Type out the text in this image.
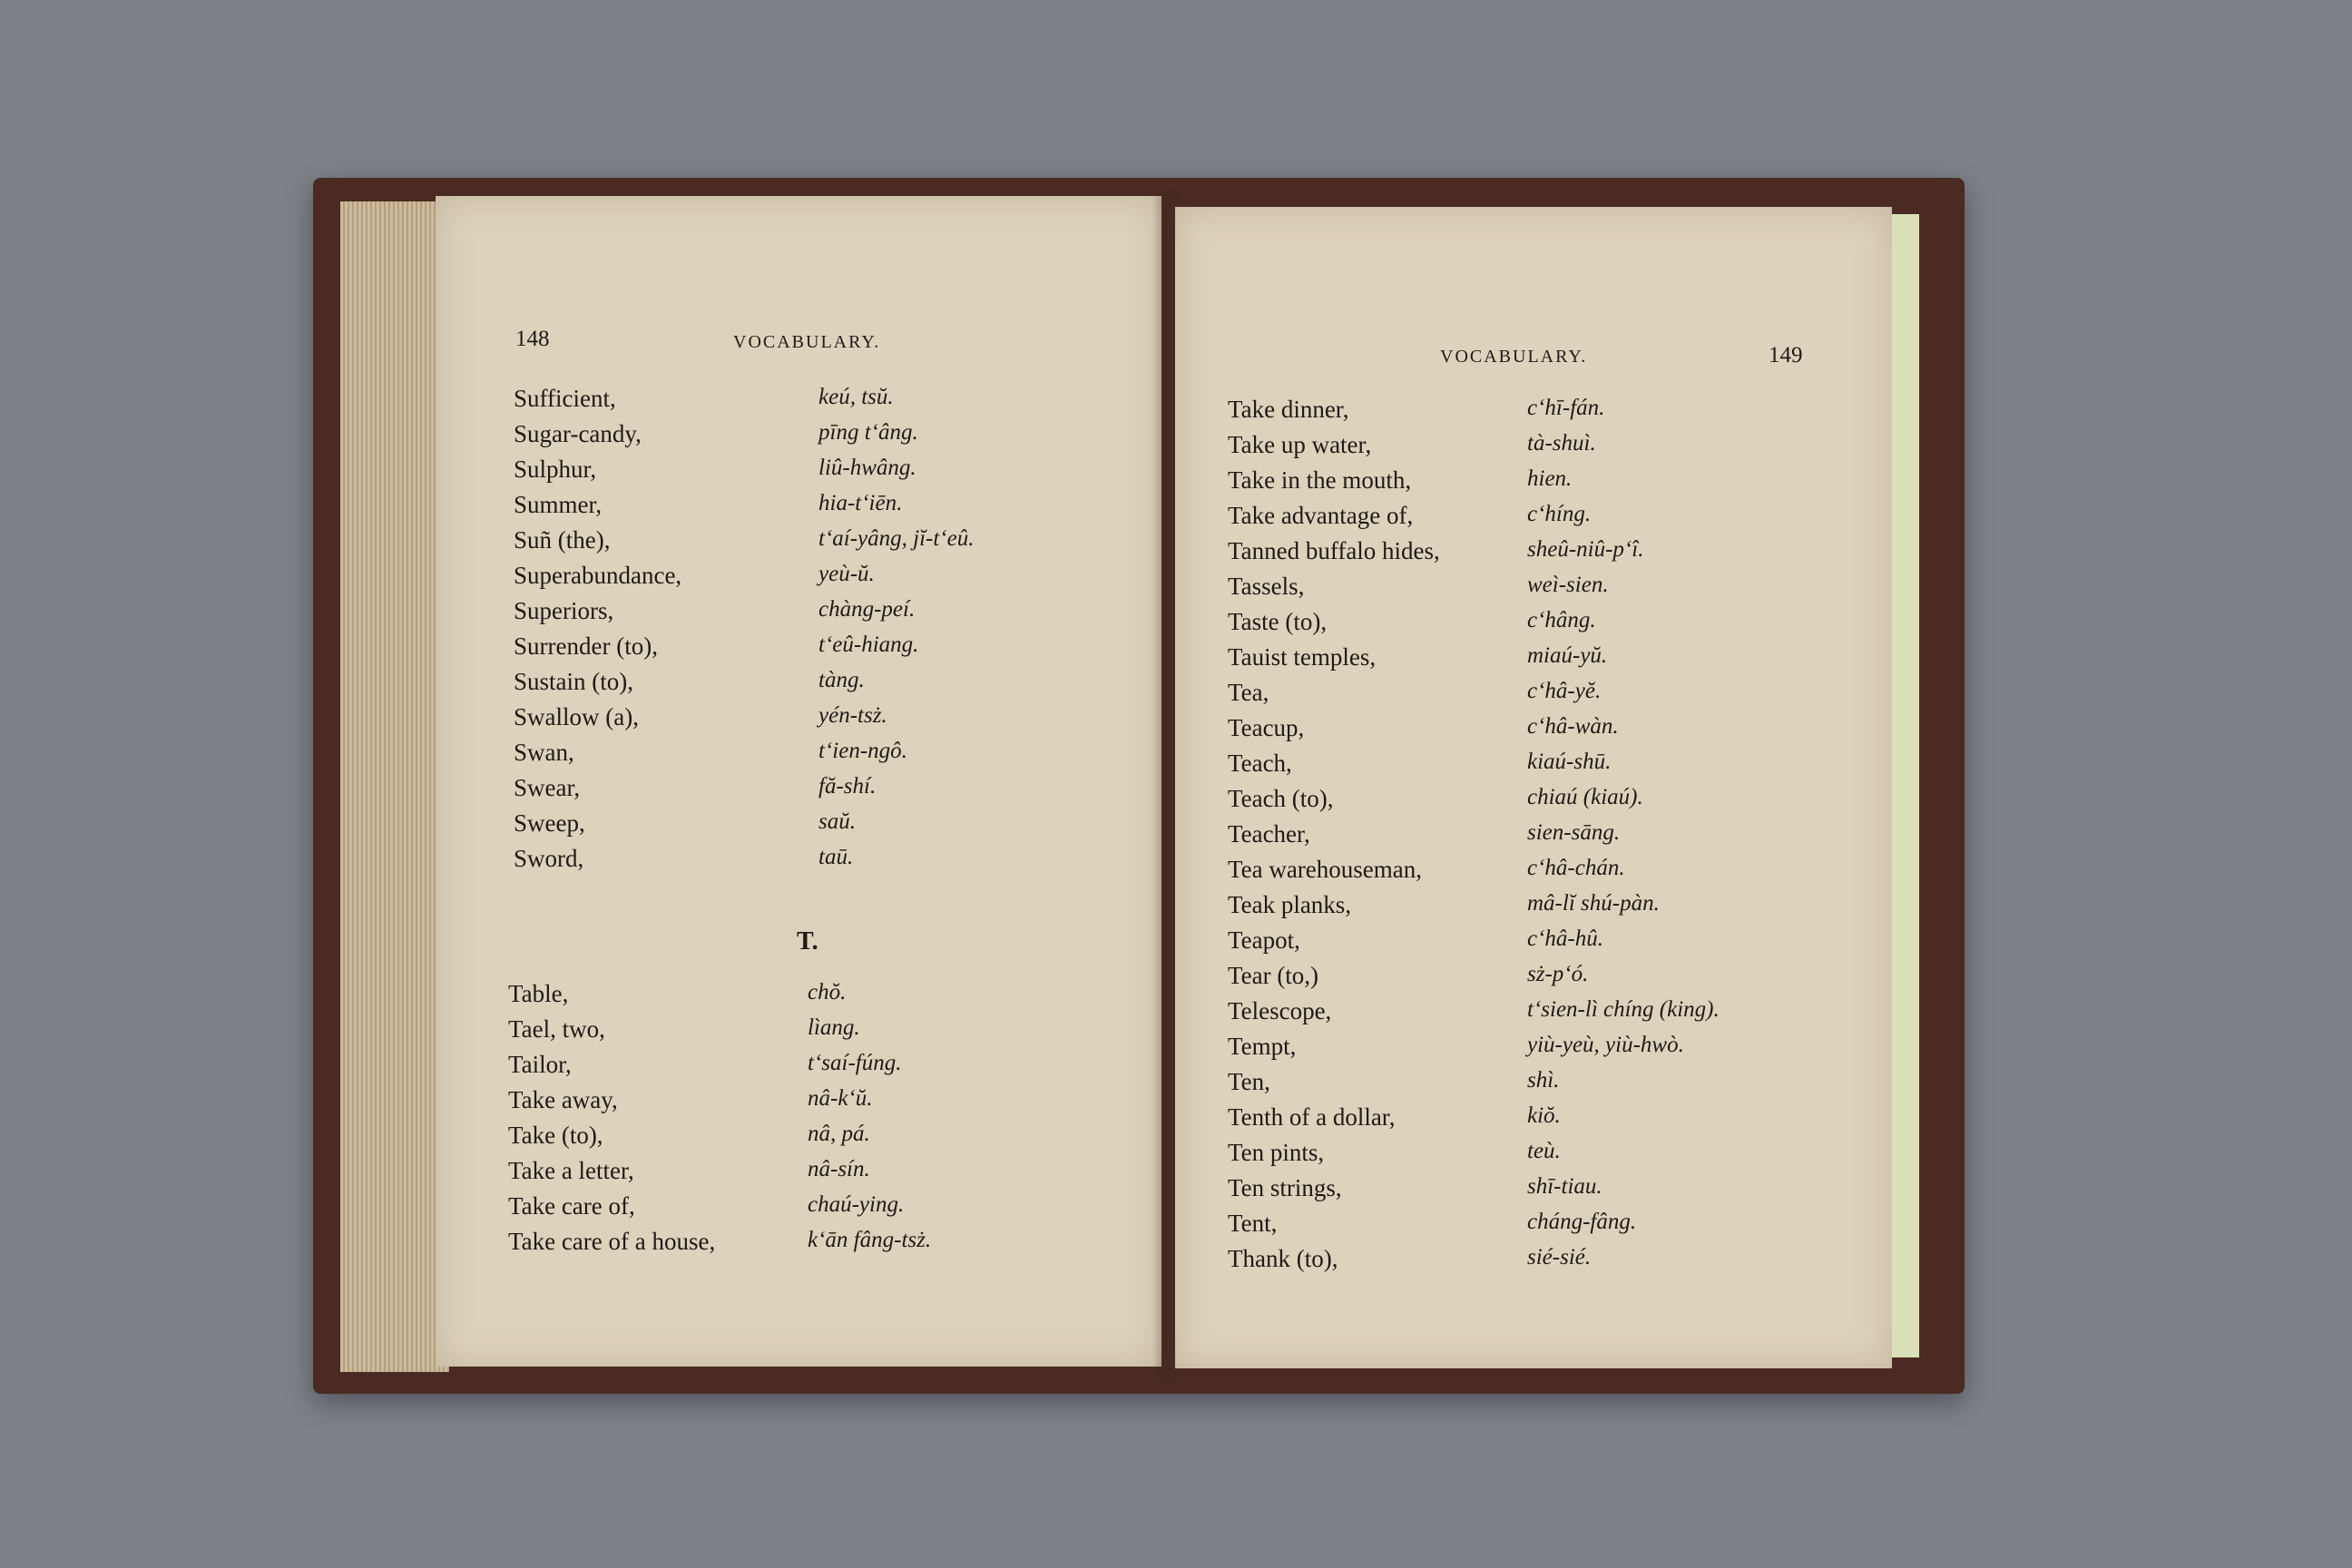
148	VOCABULARY.
Sufficient,	keú, tsŭ.
Sugar-candy,	pīng t‘âng.
Sulphur,	liû-hwâng.
Summer,	hia-t‘iēn.
Suñ (the),	t‘aí-yâng, jĭ-t‘eû.
Superabundance,	yeù-ŭ.
Superiors,	chàng-peí.
Surrender (to),	t‘eû-hiang.
Sustain (to),	tàng.
Swallow (a),	yén-tsż.
Swan,	t‘ien-ngô.
Swear,	fă-shí.
Sweep,	saŭ.
Sword,	taū.
T.
Table,	chŏ.
Tael, two,	lìang.
Tailor,	t‘saí-fúng.
Take away,	nâ-k‘ŭ.
Take (to),	nâ, pá.
Take a letter,	nâ-sín.
Take care of,	chaú-ying.
Take care of a house,	k‘ān fâng-tsż.
VOCABULARY.	149
Take dinner,	c‘hī-fán.
Take up water,	tà-shuì.
Take in the mouth,	hien.
Take advantage of,	c‘híng.
Tanned buffalo hides,	sheû-niû-p‘î.
Tassels,	weì-sien.
Taste (to),	c‘hâng.
Tauist temples,	miaú-yŭ.
Tea,	c‘hâ-yĕ.
Teacup,	c‘hâ-wàn.
Teach,	kiaú-shū.
Teach (to),	chiaú (kiaú).
Teacher,	sien-sāng.
Tea warehouseman,	c‘hâ-chán.
Teak planks,	mâ-lĭ shú-pàn.
Teapot,	c‘hâ-hû.
Tear (to,)	sż-p‘ó.
Telescope,	t‘sien-lì chíng (king).
Tempt,	yiù-yeù, yiù-hwò.
Ten,	shì.
Tenth of a dollar,	kiŏ.
Ten pints,	teù.
Ten strings,	shī-tiau.
Tent,	cháng-fâng.
Thank (to),	sié-sié.
